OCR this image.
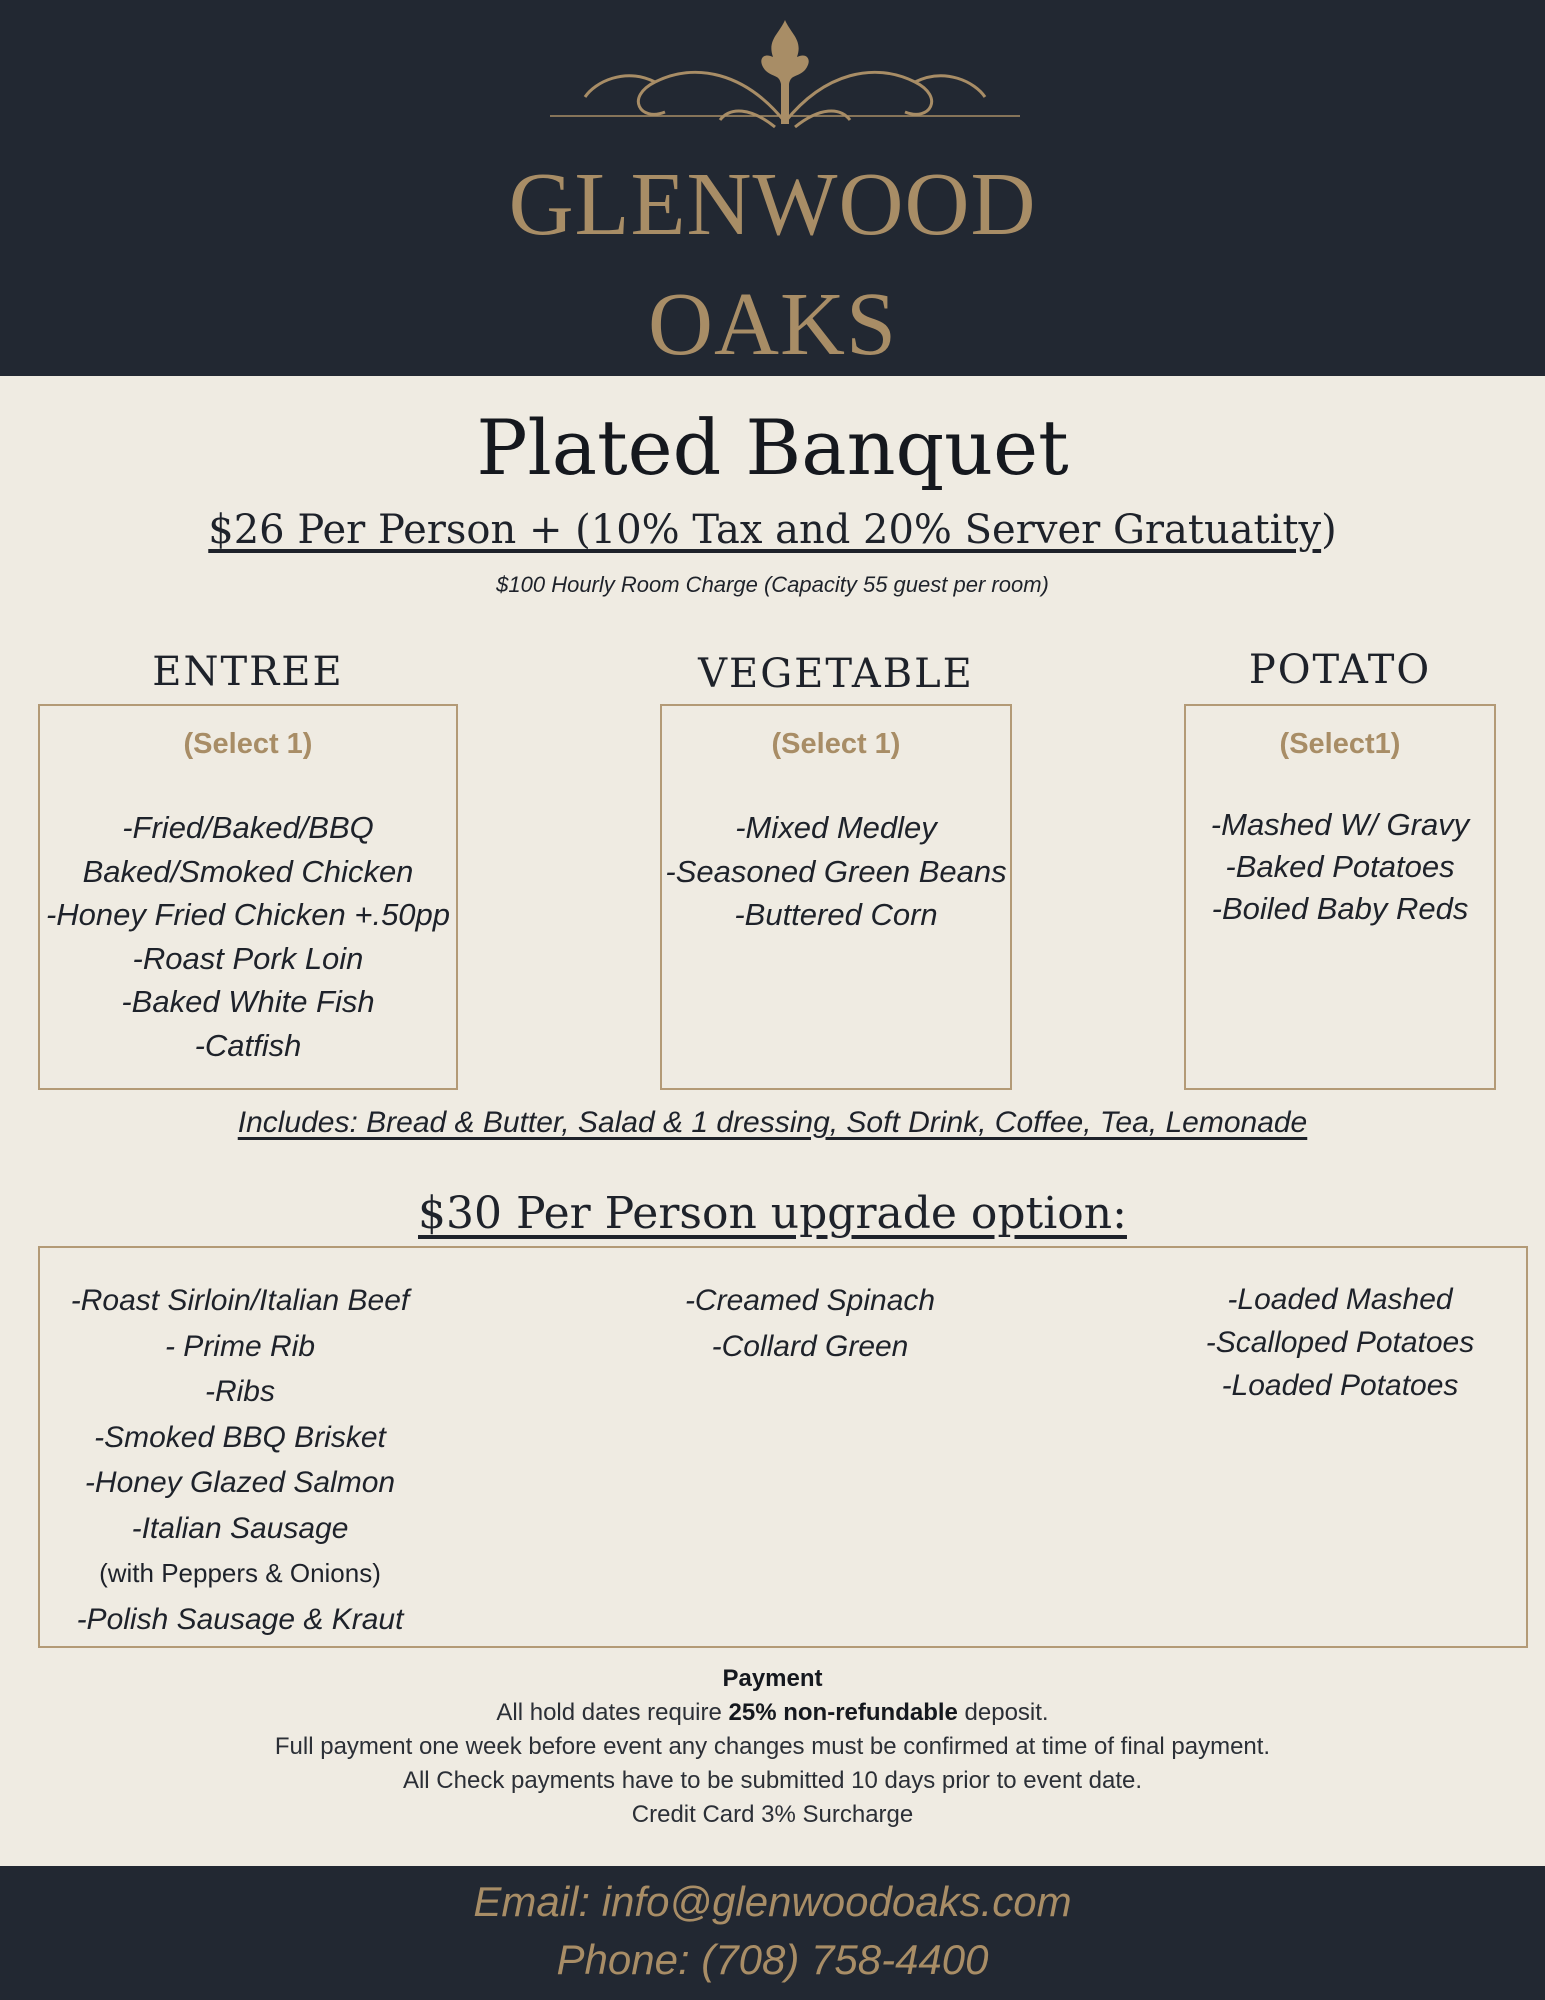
GLENWOOD
OAKS
Plated Banquet
$26 Per Person + (10% Tax and 20% Server Gratuatity)
$100 Hourly Room Charge (Capacity 55 guest per room)
ENTREE
(Select 1)
-Fried/Baked/BBQ
Baked/Smoked Chicken
-Honey Fried Chicken +.50pp
-Roast Pork Loin
-Baked White Fish
-Catfish
VEGETABLE
(Select 1)
-Mixed Medley
-Seasoned Green Beans
-Buttered Corn
POTATO
(Select1)
-Mashed W/ Gravy
-Baked Potatoes
-Boiled Baby Reds
Includes: Bread & Butter, Salad & 1 dressing, Soft Drink, Coffee, Tea, Lemonade
$30 Per Person upgrade option:
-Roast Sirloin/Italian Beef
- Prime Rib
-Ribs
-Smoked BBQ Brisket
-Honey Glazed Salmon
-Italian Sausage
(with Peppers & Onions)
-Polish Sausage & Kraut
-Creamed Spinach
-Collard Green
-Loaded Mashed
-Scalloped Potatoes
-Loaded Potatoes
Payment
All hold dates require 25% non-refundable deposit.
Full payment one week before event any changes must be confirmed at time of final payment.
All Check payments have to be submitted 10 days prior to event date.
Credit Card 3% Surcharge
Email: info@glenwoodoaks.com
Phone: (708) 758-4400
